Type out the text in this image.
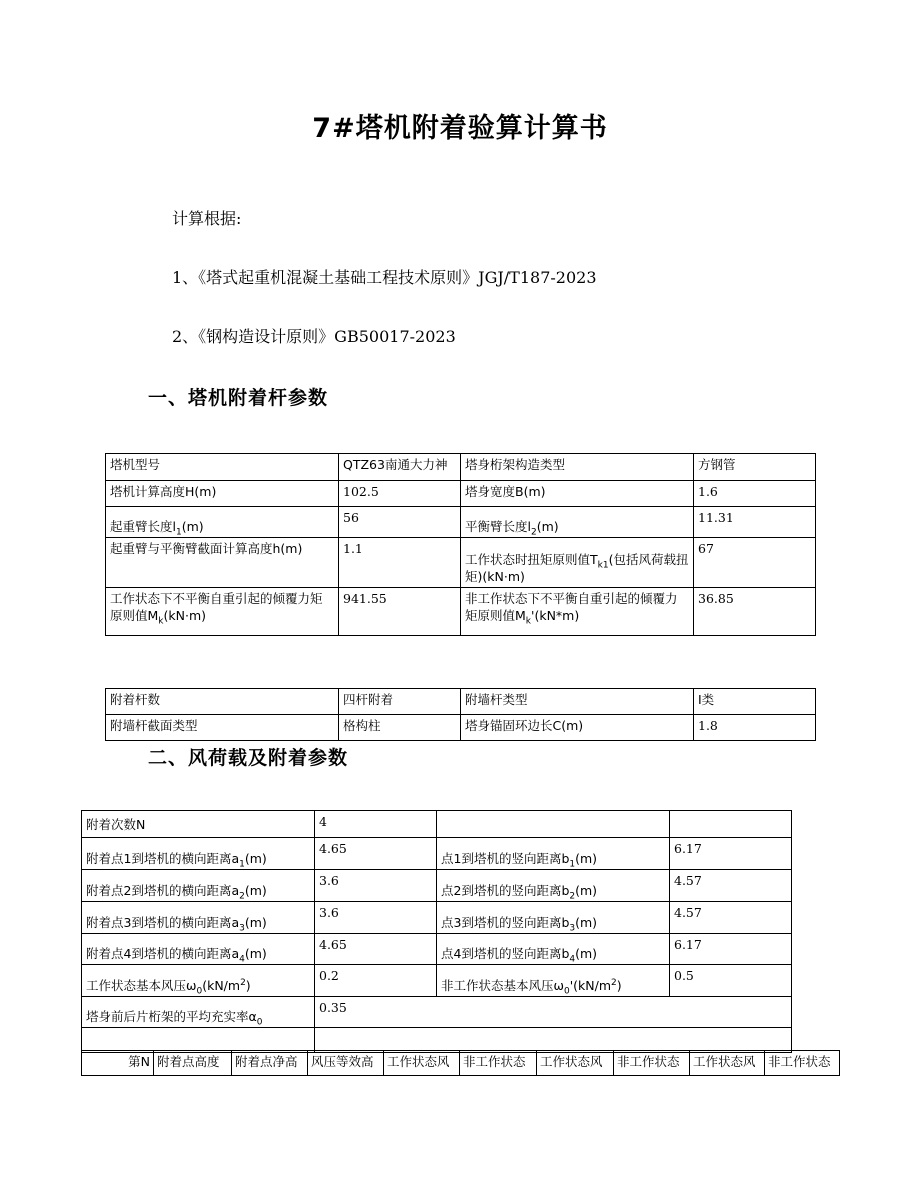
7#塔机附着验算计算书
计算根据:
1、《塔式起重机混凝土基础工程技术原则》JGJ/T187-2023
2、《钢构造设计原则》GB50017-2023
一、塔机附着杆参数
塔机型号	QTZ63南通大力神	塔身桁架构造类型	方钢管
塔机计算高度H(m)	102.5	塔身宽度B(m)	1.6
起重臂长度$l_1(m)$	56	平衡臂长度$l_2(m)$	11.31
起重臂与平衡臂截面计算高度h(m)	1.1	工作状态时扭矩原则值$T_{k1}$(包括风荷载扭矩)(kN·m)	67
工作状态下不平衡自重引起的倾覆力矩原则值$M_k(kN\cdot m)$	941.55	非工作状态下不平衡自重引起的倾覆力矩原则值$M_k'(kN*m)$	36.85
附着杆数	四杆附着	附墙杆类型	I类
附墙杆截面类型	格构柱	塔身锚固环边长C(m)	1.8
二、风荷载及附着参数
附着次数N	4		
附着点1到塔机的横向距离$a_1(m)$	4.65	点1到塔机的竖向距离$b_1(m)$	6.17
附着点2到塔机的横向距离$a_2(m)$	3.6	点2到塔机的竖向距离$b_2(m)$	4.57
附着点3到塔机的横向距离$a_3(m)$	3.6	点3到塔机的竖向距离$b_3(m)$	4.57
附着点4到塔机的横向距离$a_4(m)$	4.65	点4到塔机的竖向距离$b_4(m)$	6.17
工作状态基本风压$\omega_0(kN/m^2)$	0.2	非工作状态基本风压$\omega_0'(kN/m^2)$	0.5
塔身前后片桁架的平均充实率$\alpha_0$	0.35		

第N	附着点高度	附着点净高	风压等效高	工作状态风	非工作状态	工作状态风	非工作状态	工作状态风	非工作状态
